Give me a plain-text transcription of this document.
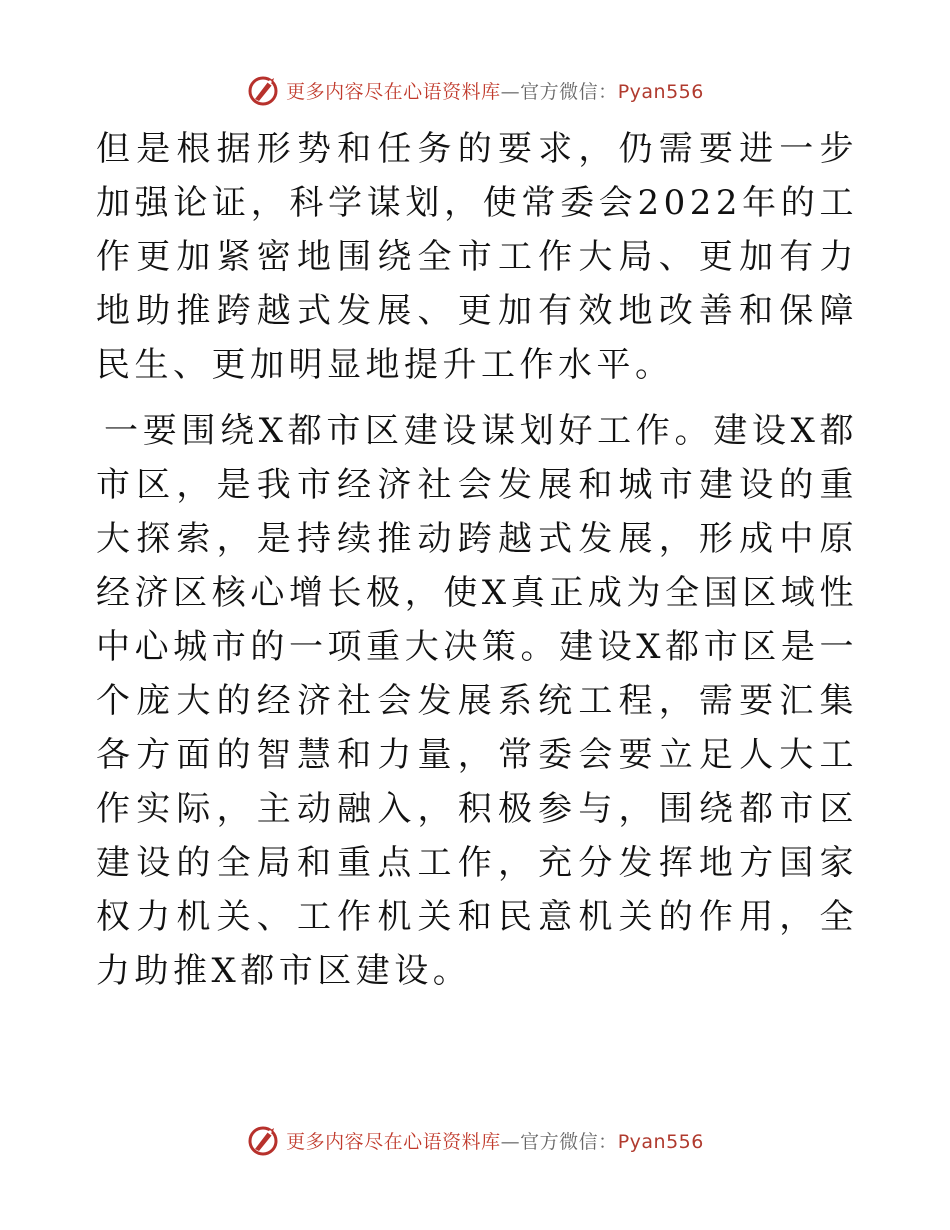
更多内容尽在心语资料库—官方微信：Pyan556

但是根据形势和任务的要求，仍需要进一步加强论证，科学谋划，使常委会2022年的工作更加紧密地围绕全市工作大局、更加有力地助推跨越式发展、更加有效地改善和保障民生、更加明显地提升工作水平。

一要围绕X都市区建设谋划好工作。建设X都市区，是我市经济社会发展和城市建设的重大探索，是持续推动跨越式发展，形成中原经济区核心增长极，使X真正成为全国区域性中心城市的一项重大决策。建设X都市区是一个庞大的经济社会发展系统工程，需要汇集各方面的智慧和力量，常委会要立足人大工作实际，主动融入，积极参与，围绕都市区建设的全局和重点工作，充分发挥地方国家权力机关、工作机关和民意机关的作用，全力助推X都市区建设。

更多内容尽在心语资料库—官方微信：Pyan556
